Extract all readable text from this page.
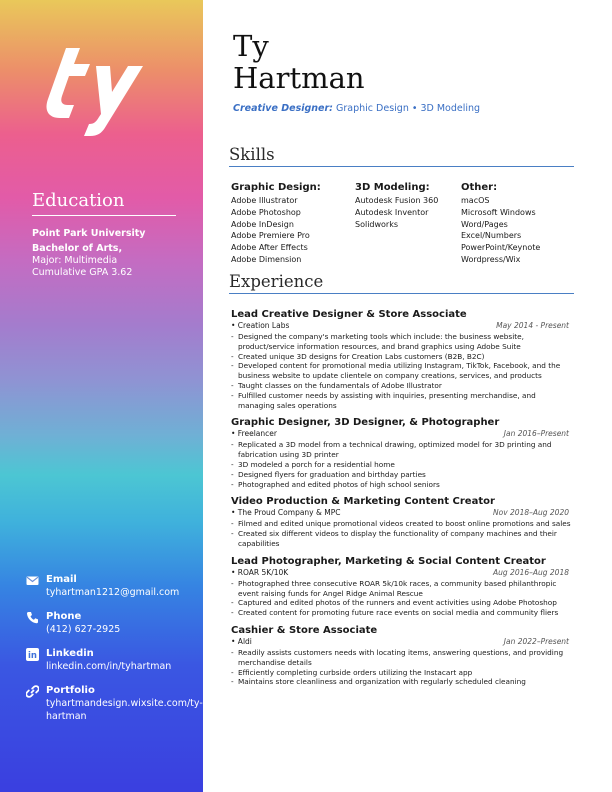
Education
Point Park University
Bachelor of Arts,
Major: Multimedia
Cumulative GPA 3.62
Email
tyhartman1212@gmail.com
Phone
(412) 627-2925
in Linkedin
linkedin.com/in/tyhartman
Portfolio
tyhartmandesign.wixsite.com/ty-hartman
Ty
Hartman
Creative Designer: Graphic Design • 3D Modeling
Skills
Graphic Design:
Adobe Illustrator
Adobe Photoshop
Adobe InDesign
Adobe Premiere Pro
Adobe After Effects
Adobe Dimension
3D Modeling:
Autodesk Fusion 360
Autodesk Inventor
Solidworks
Other:
macOS
Microsoft Windows
Word/Pages
Excel/Numbers
PowerPoint/Keynote
Wordpress/Wix
Experience
Lead Creative Designer & Store Associate
• Creation Labs	May 2014 - Present
- Designed the company's marketing tools which include: the business website, product/service information resources, and brand graphics using Adobe Suite
- Created unique 3D designs for Creation Labs customers (B2B, B2C)
- Developed content for promotional media utilizing Instagram, TikTok, Facebook, and the business website to update clientele on company creations, services, and products
- Taught classes on the fundamentals of Adobe Illustrator
- Fulfilled customer needs by assisting with inquiries, presenting merchandise, and managing sales operations
Graphic Designer, 3D Designer, & Photographer
• Freelancer	Jan 2016–Present
- Replicated a 3D model from a technical drawing, optimized model for 3D printing and fabrication using 3D printer
- 3D modeled a porch for a residential home
- Designed flyers for graduation and birthday parties
- Photographed and edited photos of high school seniors
Video Production & Marketing Content Creator
• The Proud Company & MPC	Nov 2018–Aug 2020
- Filmed and edited unique promotional videos created to boost online promotions and sales
- Created six different videos to display the functionality of company machines and their capabilities
Lead Photographer, Marketing & Social Content Creator
• ROAR 5K/10K	Aug 2016–Aug 2018
- Photographed three consecutive ROAR 5k/10k races, a community based philanthropic event raising funds for Angel Ridge Animal Rescue
- Captured and edited photos of the runners and event activities using Adobe Photoshop
- Created content for promoting future race events on social media and community fliers
Cashier & Store Associate
• Aldi	Jan 2022–Present
- Readily assists customers needs with locating items, answering questions, and providing merchandise details
- Efficiently completing curbside orders utilizing the Instacart app
- Maintains store cleanliness and organization with regularly scheduled cleaning
